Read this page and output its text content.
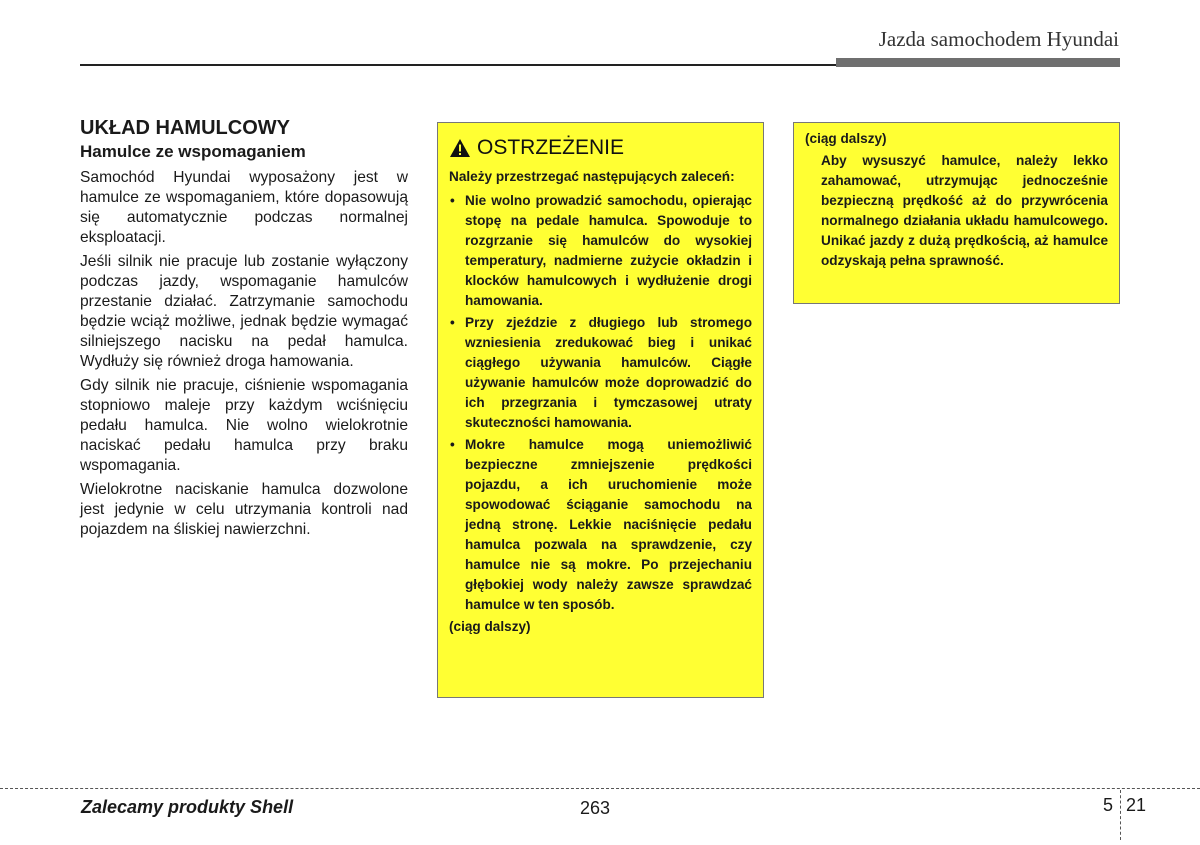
Jazda samochodem Hyundai
UKŁAD HAMULCOWY
Hamulce ze wspomaganiem

Samochód Hyundai wyposażony jest w hamulce ze wspomaganiem, które dopasowują się automatycznie podczas normalnej eksploatacji.

Jeśli silnik nie pracuje lub zostanie wyłączony podczas jazdy, wspomaganie hamulców przestanie działać. Zatrzymanie samochodu będzie wciąż możliwe, jednak będzie wymagać silniejszego nacisku na pedał hamulca. Wydłuży się również droga hamowania.

Gdy silnik nie pracuje, ciśnienie wspomagania stopniowo maleje przy każdym wciśnięciu pedału hamulca. Nie wolno wielokrotnie naciskać pedału hamulca przy braku wspomagania.

Wielokrotne naciskanie hamulca dozwolone jest jedynie w celu utrzymania kontroli nad pojazdem na śliskiej nawierzchni.

OSTRZEŻENIE

Należy przestrzegać następujących zaleceń:

• Nie wolno prowadzić samochodu, opierając stopę na pedale hamulca. Spowoduje to rozgrzanie się hamulców do wysokiej temperatury, nadmierne zużycie okładzin i klocków hamulcowych i wydłużenie drogi hamowania.
• Przy zjeździe z długiego lub stromego wzniesienia zredukować bieg i unikać ciągłego używania hamulców. Ciągłe używanie hamulców może doprowadzić do ich przegrzania i tymczasowej utraty skuteczności hamowania.
• Mokre hamulce mogą uniemożliwić bezpieczne zmniejszenie prędkości pojazdu, a ich uruchomienie może spowodować ściąganie samochodu na jedną stronę. Lekkie naciśnięcie pedału hamulca pozwala na sprawdzenie, czy hamulce nie są mokre. Po przejechaniu głębokiej wody należy zawsze sprawdzać hamulce w ten sposób.

(ciąg dalszy)

(ciąg dalszy)

Aby wysuszyć hamulce, należy lekko zahamować, utrzymując jednocześnie bezpieczną prędkość aż do przywrócenia normalnego działania układu hamulcowego. Unikać jazdy z dużą prędkością, aż hamulce odzyskają pełna sprawność.

Zalecamy produkty Shell	263	5 21
